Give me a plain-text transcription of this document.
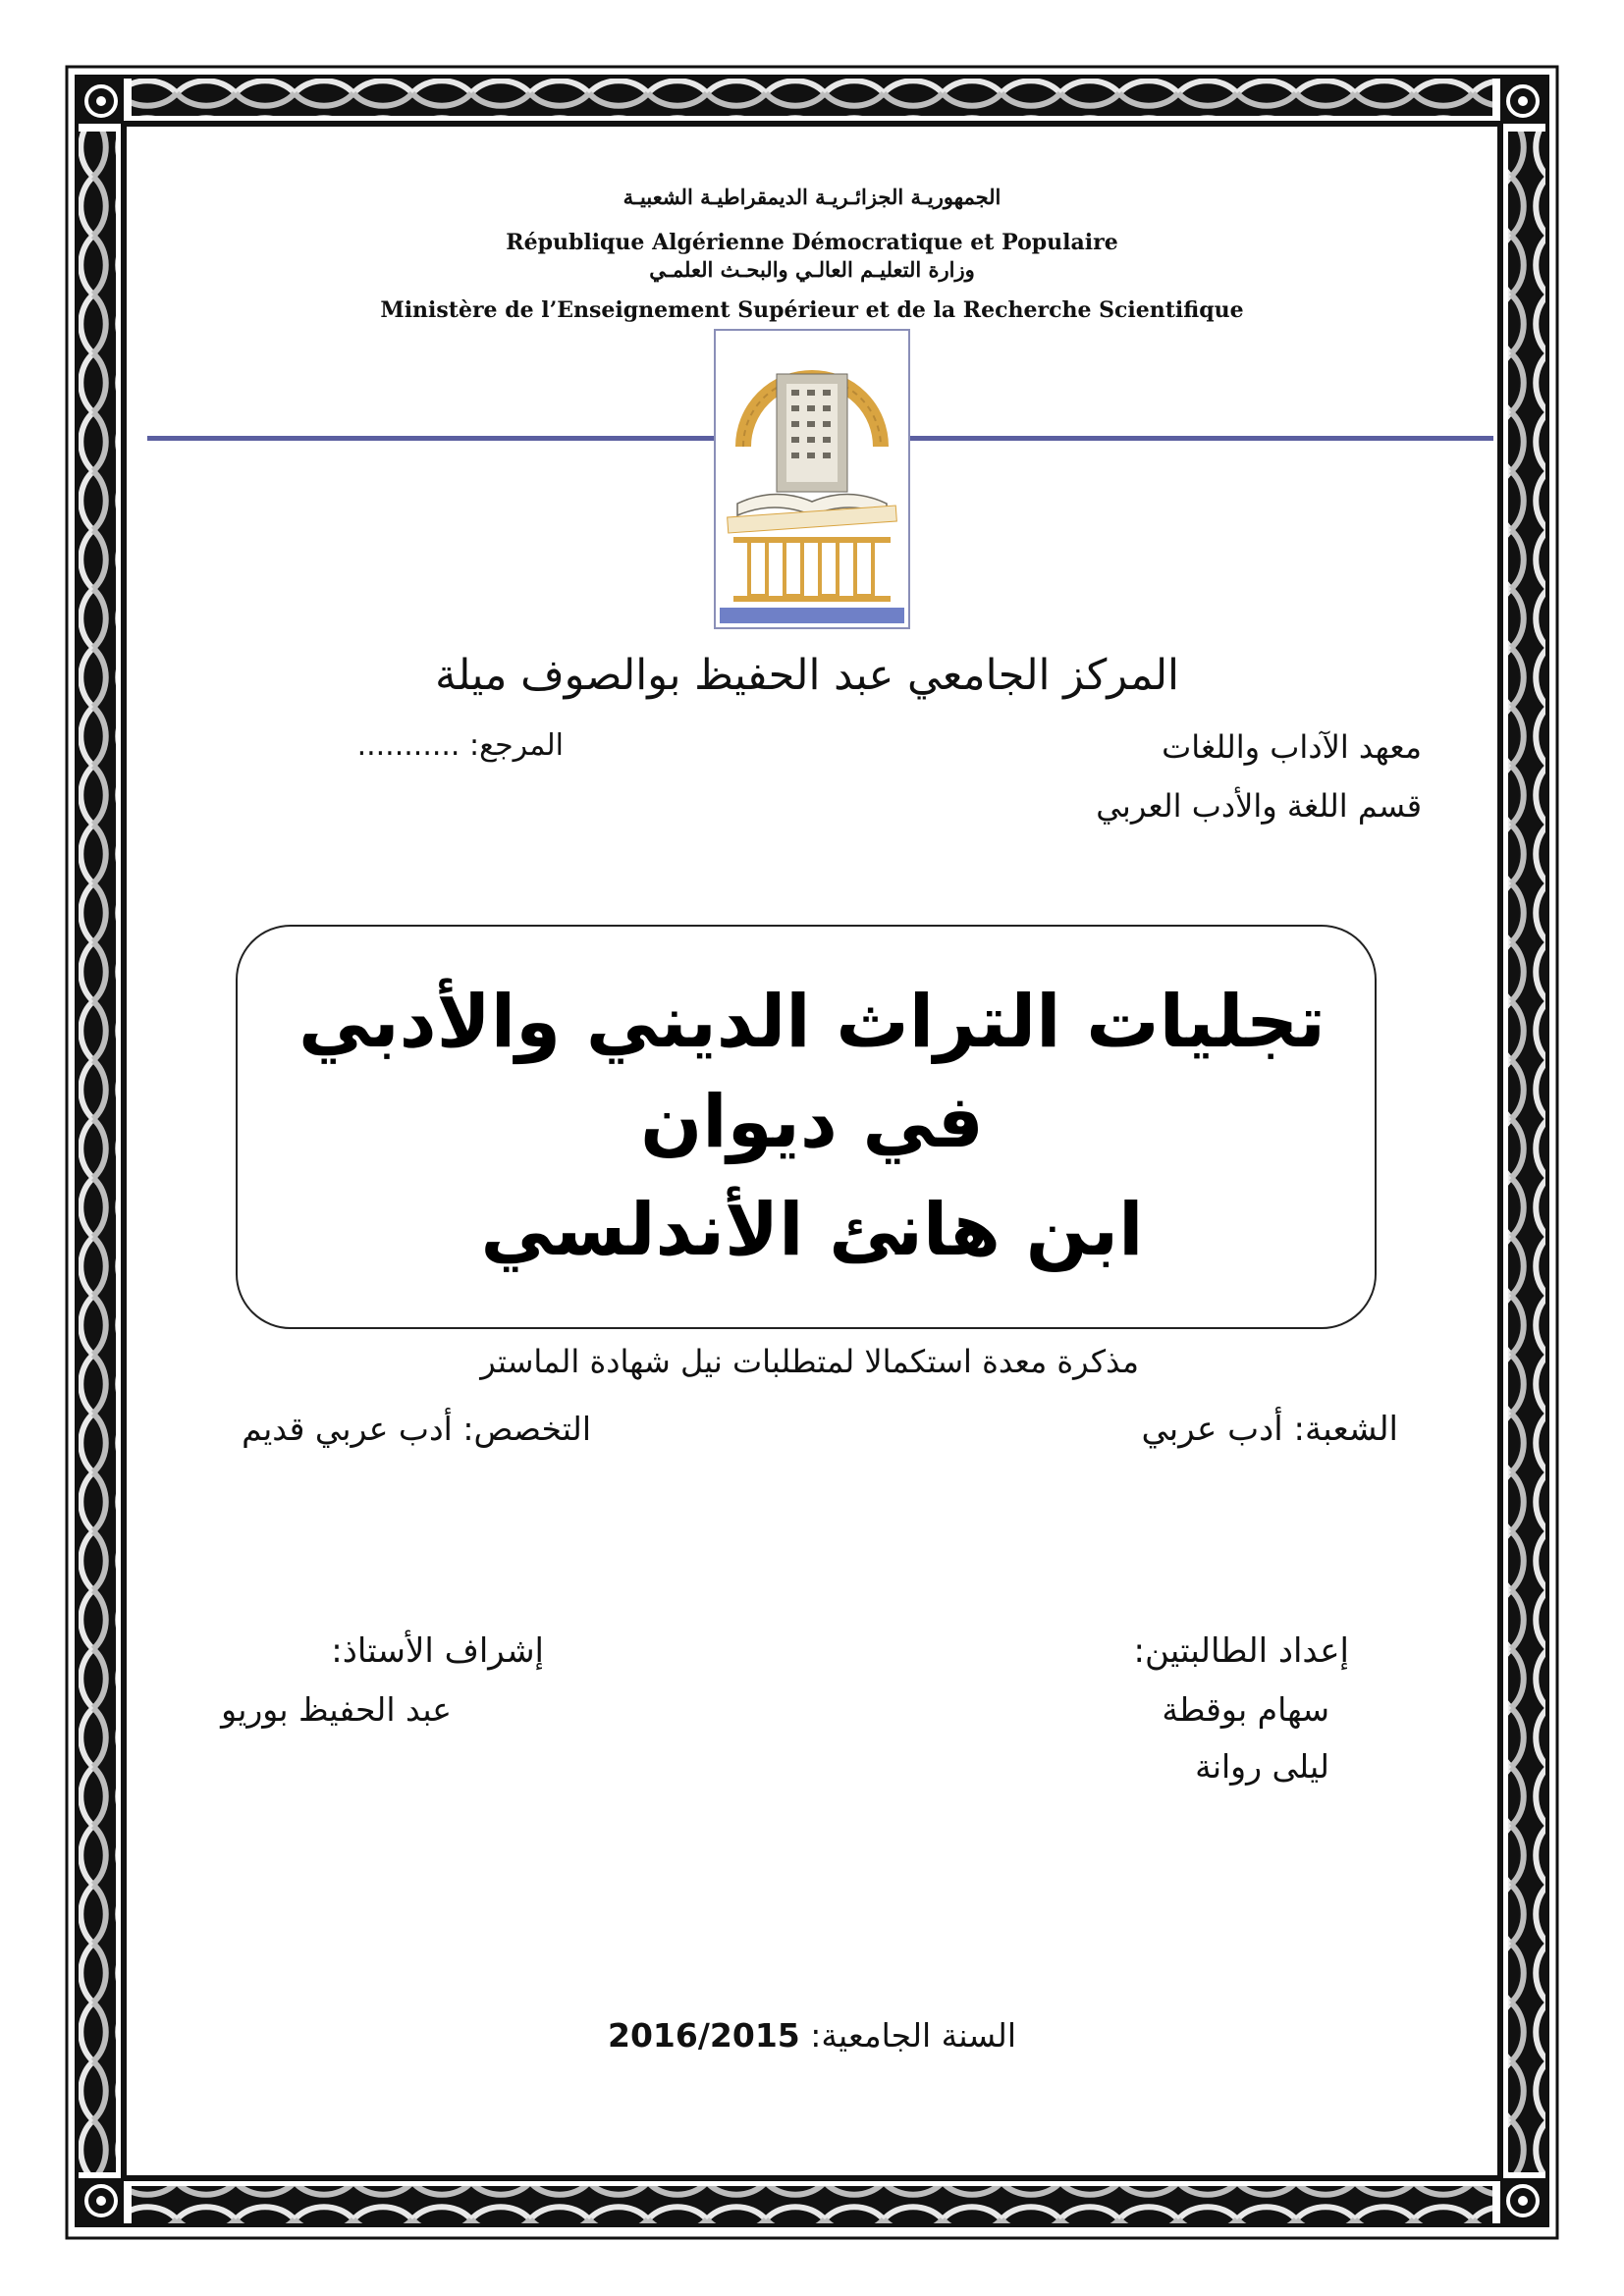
الجمهوريـة الجزائـريـة الديمقراطيـة الشعبيـة
République Algérienne Démocratique et Populaire
وزارة التعليـم العالـي والبحـث العلمـي
Ministère de l’Enseignement Supérieur et de la Recherche Scientifique
المركز الجامعي عبد الحفيظ بوالصوف ميلة
معهد الآداب واللغات
المرجع: ...........
قسم اللغة والأدب العربي
تجليات التراث الديني والأدبي
في ديوان
ابن هانئ الأندلسي
مذكرة معدة استكمالا لمتطلبات نيل شهادة الماستر
الشعبة: أدب عربي
التخصص: أدب عربي قديم
إعداد الطالبتين:
سهام بوقطة
ليلى روانة
إشراف الأستاذ:
عبد الحفيظ بوريو
السنة الجامعية: 2016/2015
